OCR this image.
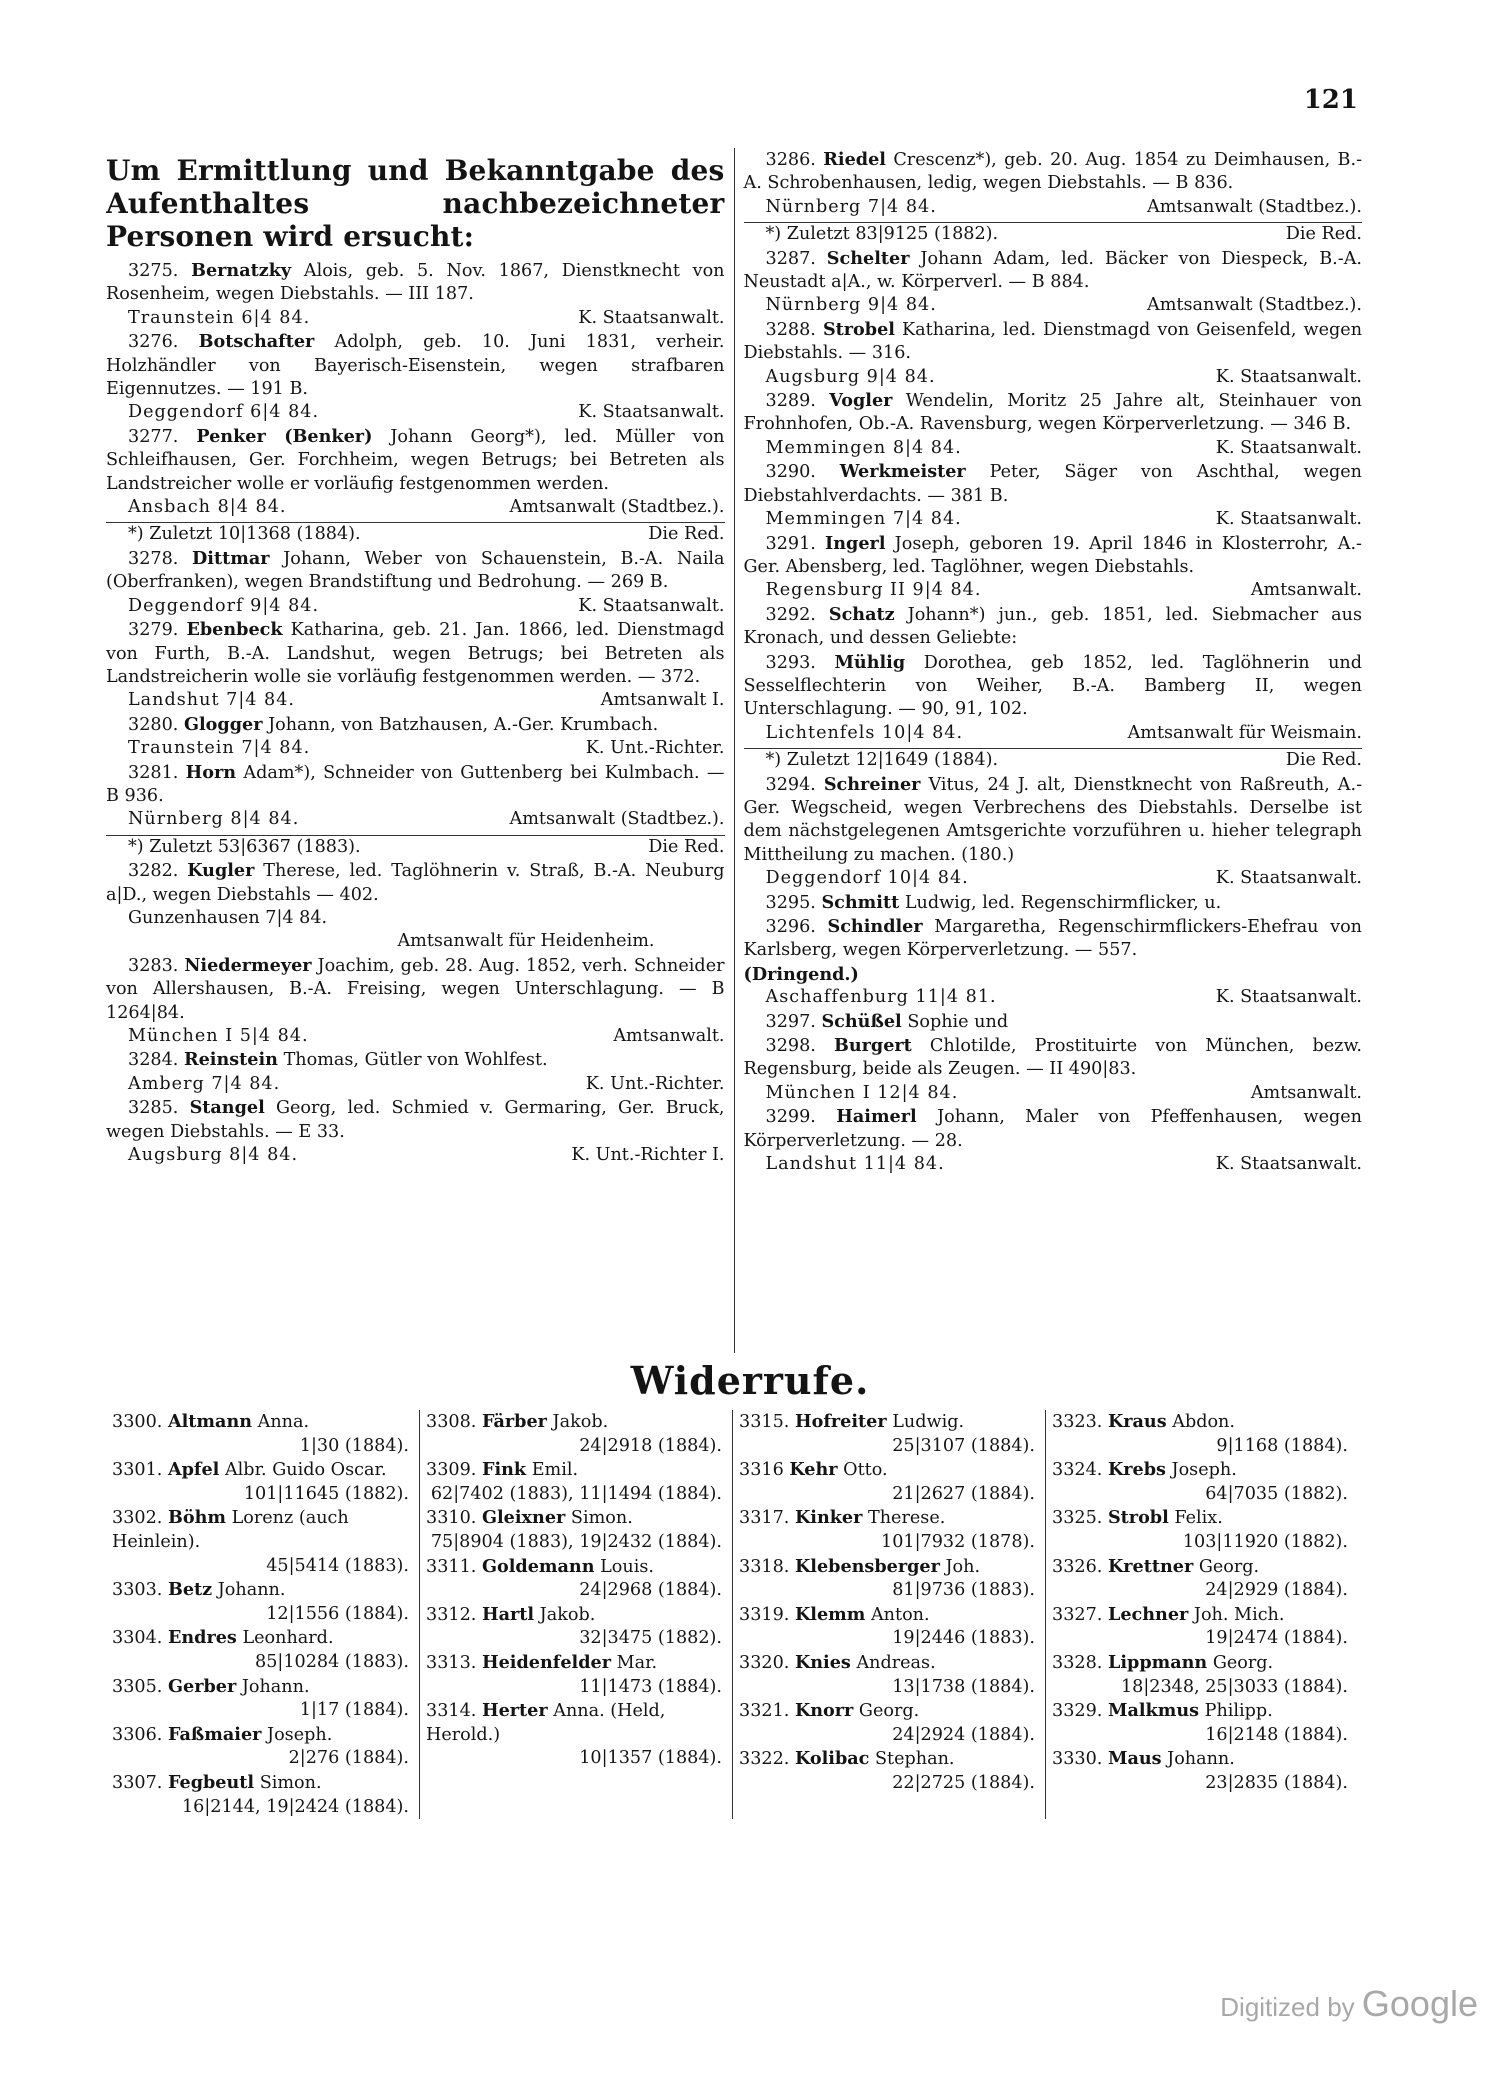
121
Um Ermittlung und Bekanntgabe des Aufenthaltes nachbezeichneter Personen wird ersucht:
3275. Bernatzky Alois, geb. 5. Nov. 1867, Dienstknecht von Rosenheim, wegen Diebstahls. — III 187.
Traunstein 6|4 84.	K. Staatsanwalt.
3276. Botschafter Adolph, geb. 10. Juni 1831, verheir. Holzhändler von Bayerisch-Eisenstein, wegen strafbaren Eigennutzes. — 191 B.
Deggendorf 6|4 84.	K. Staatsanwalt.
3277. Penker (Benker) Johann Georg*), led. Müller von Schleifhausen, Ger. Forchheim, wegen Betrugs; bei Betreten als Landstreicher wolle er vorläufig festgenommen werden.
Ansbach 8|4 84.	Amtsanwalt (Stadtbez.).
*) Zuletzt 10|1368 (1884).	Die Red.
3278. Dittmar Johann, Weber von Schauenstein, B.-A. Naila (Oberfranken), wegen Brandstiftung und Bedrohung. — 269 B.
Deggendorf 9|4 84.	K. Staatsanwalt.
3279. Ebenbeck Katharina, geb. 21. Jan. 1866, led. Dienstmagd von Furth, B.-A. Landshut, wegen Betrugs; bei Betreten als Landstreicherin wolle sie vorläufig festgenommen werden. — 372.
Landshut 7|4 84.	Amtsanwalt I.
3280. Glogger Johann, von Batzhausen, A.-Ger. Krumbach.
Traunstein 7|4 84.	K. Unt.-Richter.
3281. Horn Adam*), Schneider von Guttenberg bei Kulmbach. — B 936.
Nürnberg 8|4 84.	Amtsanwalt (Stadtbez.).
*) Zuletzt 53|6367 (1883).	Die Red.
3282. Kugler Therese, led. Taglöhnerin v. Straß, B.-A. Neuburg a|D., wegen Diebstahls — 402.
Gunzenhausen 7|4 84.
Amtsanwalt für Heidenheim.
3283. Niedermeyer Joachim, geb. 28. Aug. 1852, verh. Schneider von Allershausen, B.-A. Freising, wegen Unterschlagung. — B 1264|84.
München I 5|4 84.	Amtsanwalt.
3284. Reinstein Thomas, Gütler von Wohlfest.
Amberg 7|4 84.	K. Unt.-Richter.
3285. Stangel Georg, led. Schmied v. Germaring, Ger. Bruck, wegen Diebstahls. — E 33.
Augsburg 8|4 84.	K. Unt.-Richter I.
3286. Riedel Crescenz*), geb. 20. Aug. 1854 zu Deimhausen, B.-A. Schrobenhausen, ledig, wegen Diebstahls. — B 836.
Nürnberg 7|4 84.	Amtsanwalt (Stadtbez.).
*) Zuletzt 83|9125 (1882).	Die Red.
3287. Schelter Johann Adam, led. Bäcker von Diespeck, B.-A. Neustadt a|A., w. Körperverl. — B 884.
Nürnberg 9|4 84.	Amtsanwalt (Stadtbez.).
3288. Strobel Katharina, led. Dienstmagd von Geisenfeld, wegen Diebstahls. — 316.
Augsburg 9|4 84.	K. Staatsanwalt.
3289. Vogler Wendelin, Moritz 25 Jahre alt, Steinhauer von Frohnhofen, Ob.-A. Ravensburg, wegen Körperverletzung. — 346 B.
Memmingen 8|4 84.	K. Staatsanwalt.
3290. Werkmeister Peter, Säger von Aschthal, wegen Diebstahlverdachts. — 381 B.
Memmingen 7|4 84.	K. Staatsanwalt.
3291. Ingerl Joseph, geboren 19. April 1846 in Klosterrohr, A.-Ger. Abensberg, led. Taglöhner, wegen Diebstahls.
Regensburg II 9|4 84.	Amtsanwalt.
3292. Schatz Johann*) jun., geb. 1851, led. Siebmacher aus Kronach, und dessen Geliebte:
3293. Mühlig Dorothea, geb 1852, led. Taglöhnerin und Sesselflechterin von Weiher, B.-A. Bamberg II, wegen Unterschlagung. — 90, 91, 102.
Lichtenfels 10|4 84.	Amtsanwalt für Weismain.
*) Zuletzt 12|1649 (1884).	Die Red.
3294. Schreiner Vitus, 24 J. alt, Dienstknecht von Raßreuth, A.-Ger. Wegscheid, wegen Verbrechens des Diebstahls. Derselbe ist dem nächstgelegenen Amtsgerichte vorzuführen u. hieher telegraph Mittheilung zu machen. (180.)
Deggendorf 10|4 84.	K. Staatsanwalt.
3295. Schmitt Ludwig, led. Regenschirmflicker, u.
3296. Schindler Margaretha, Regenschirmflickers-Ehefrau von Karlsberg, wegen Körperverletzung. — 557.
(Dringend.)
Aschaffenburg 11|4 81.	K. Staatsanwalt.
3297. Schüßel Sophie und
3298. Burgert Chlotilde, Prostituirte von München, bezw. Regensburg, beide als Zeugen. — II 490|83.
München I 12|4 84.	Amtsanwalt.
3299. Haimerl Johann, Maler von Pfeffenhausen, wegen Körperverletzung. — 28.
Landshut 11|4 84.	K. Staatsanwalt.
Widerrufe.
3300. Altmann Anna.
1|30 (1884).
3301. Apfel Albr. Guido Oscar.
101|11645 (1882).
3302. Böhm Lorenz (auch Heinlein).
45|5414 (1883).
3303. Betz Johann.
12|1556 (1884).
3304. Endres Leonhard.
85|10284 (1883).
3305. Gerber Johann.
1|17 (1884).
3306. Faßmaier Joseph.
2|276 (1884).
3307. Fegbeutl Simon.
16|2144, 19|2424 (1884).
3308. Färber Jakob.
24|2918 (1884).
3309. Fink Emil.
62|7402 (1883), 11|1494 (1884).
3310. Gleixner Simon.
75|8904 (1883), 19|2432 (1884).
3311. Goldemann Louis.
24|2968 (1884).
3312. Hartl Jakob.
32|3475 (1882).
3313. Heidenfelder Mar.
11|1473 (1884).
3314. Herter Anna. (Held, Herold.)
10|1357 (1884).
3315. Hofreiter Ludwig.
25|3107 (1884).
3316 Kehr Otto.
21|2627 (1884).
3317. Kinker Therese.
101|7932 (1878).
3318. Klebensberger Joh.
81|9736 (1883).
3319. Klemm Anton.
19|2446 (1883).
3320. Knies Andreas.
13|1738 (1884).
3321. Knorr Georg.
24|2924 (1884).
3322. Kolibac Stephan.
22|2725 (1884).
3323. Kraus Abdon.
9|1168 (1884).
3324. Krebs Joseph.
64|7035 (1882).
3325. Strobl Felix.
103|11920 (1882).
3326. Krettner Georg.
24|2929 (1884).
3327. Lechner Joh. Mich.
19|2474 (1884).
3328. Lippmann Georg.
18|2348, 25|3033 (1884).
3329. Malkmus Philipp.
16|2148 (1884).
3330. Maus Johann.
23|2835 (1884).
Digitized by Google
